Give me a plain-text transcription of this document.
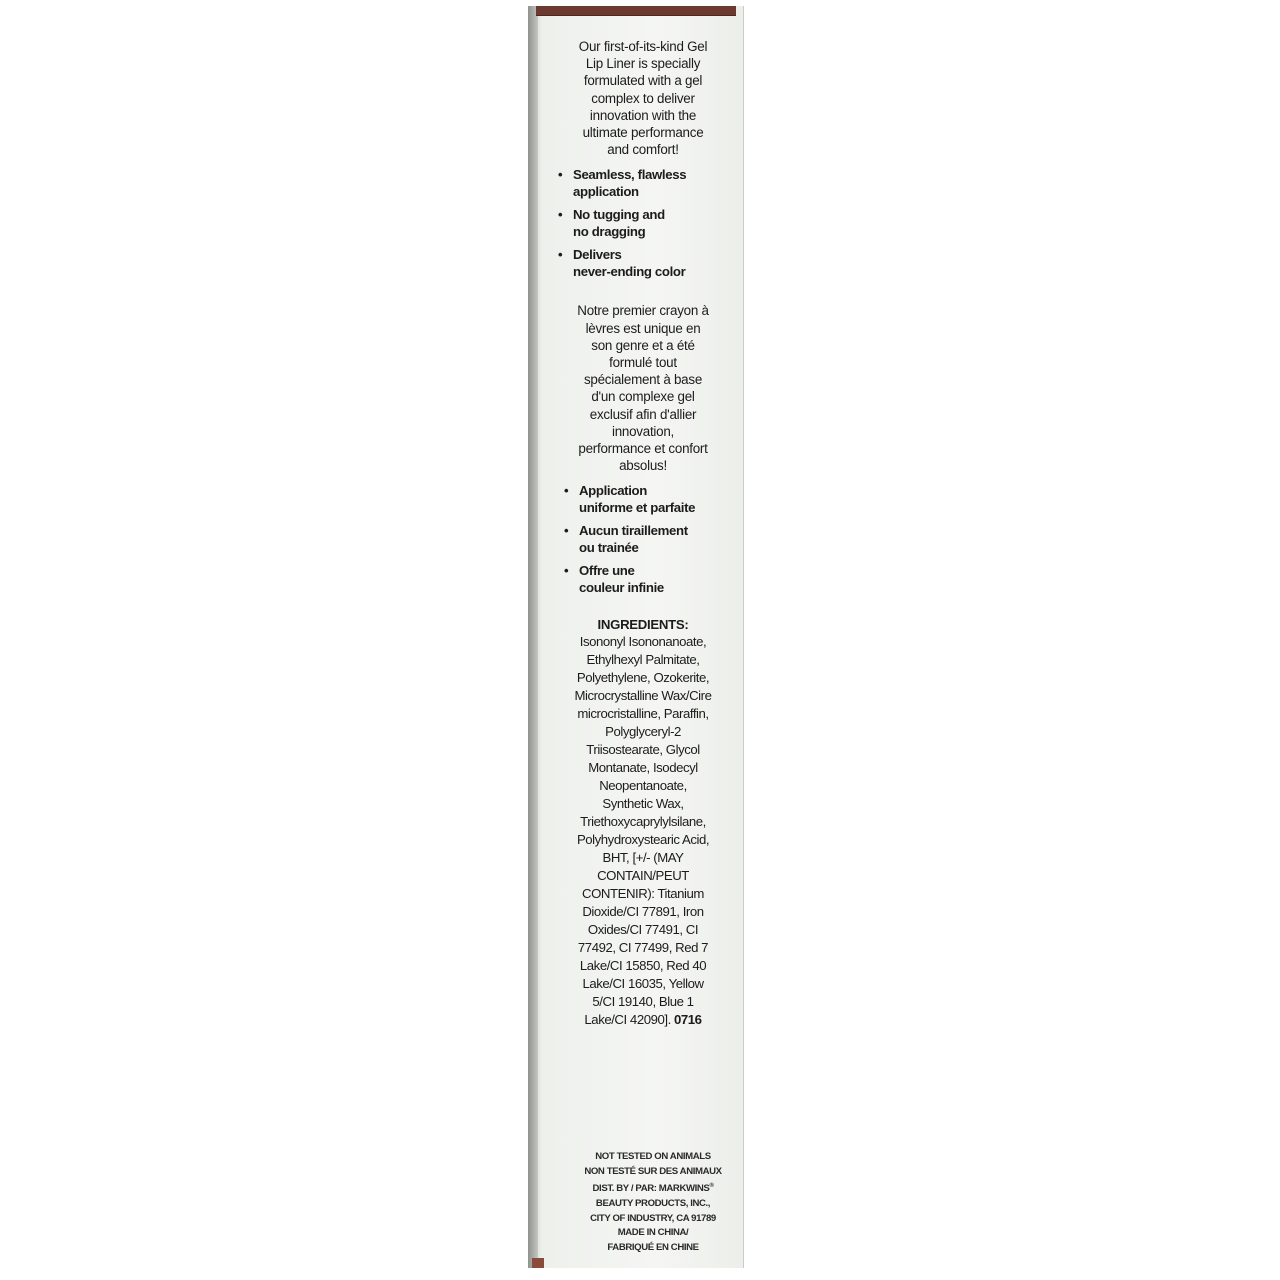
Our first-of-its-kind Gel
Lip Liner is specially
formulated with a gel
complex to deliver
innovation with the
ultimate performance
and comfort!

• Seamless, flawless
application
• No tugging and
no dragging
• Delivers
never-ending color

Notre premier crayon à
lèvres est unique en
son genre et a été
formulé tout
spécialement à base
d'un complexe gel
exclusif afin d'allier
innovation,
performance et confort
absolus!

• Application
uniforme et parfaite
• Aucun tiraillement
ou trainée
• Offre une
couleur infinie
INGREDIENTS:

Isononyl Isononanoate,
Ethylhexyl Palmitate,
Polyethylene, Ozokerite,
Microcrystalline Wax/Cire
microcristalline, Paraffin,
Polyglyceryl-2
Triisostearate, Glycol
Montanate, Isodecyl
Neopentanoate,
Synthetic Wax,
Triethoxycaprylylsilane,
Polyhydroxystearic Acid,
BHT, [+/- (MAY
CONTAIN/PEUT
CONTENIR): Titanium
Dioxide/CI 77891, Iron
Oxides/CI 77491, CI
77492, CI 77499, Red 7
Lake/CI 15850, Red 40
Lake/CI 16035, Yellow
5/CI 19140, Blue 1
Lake/CI 42090]. 0716

NOT TESTED ON ANIMALS
NON TESTÉ SUR DES ANIMAUX
DIST. BY / PAR: MARKWINS®
BEAUTY PRODUCTS, INC.,
CITY OF INDUSTRY, CA 91789
MADE IN CHINA/
FABRIQUÉ EN CHINE
